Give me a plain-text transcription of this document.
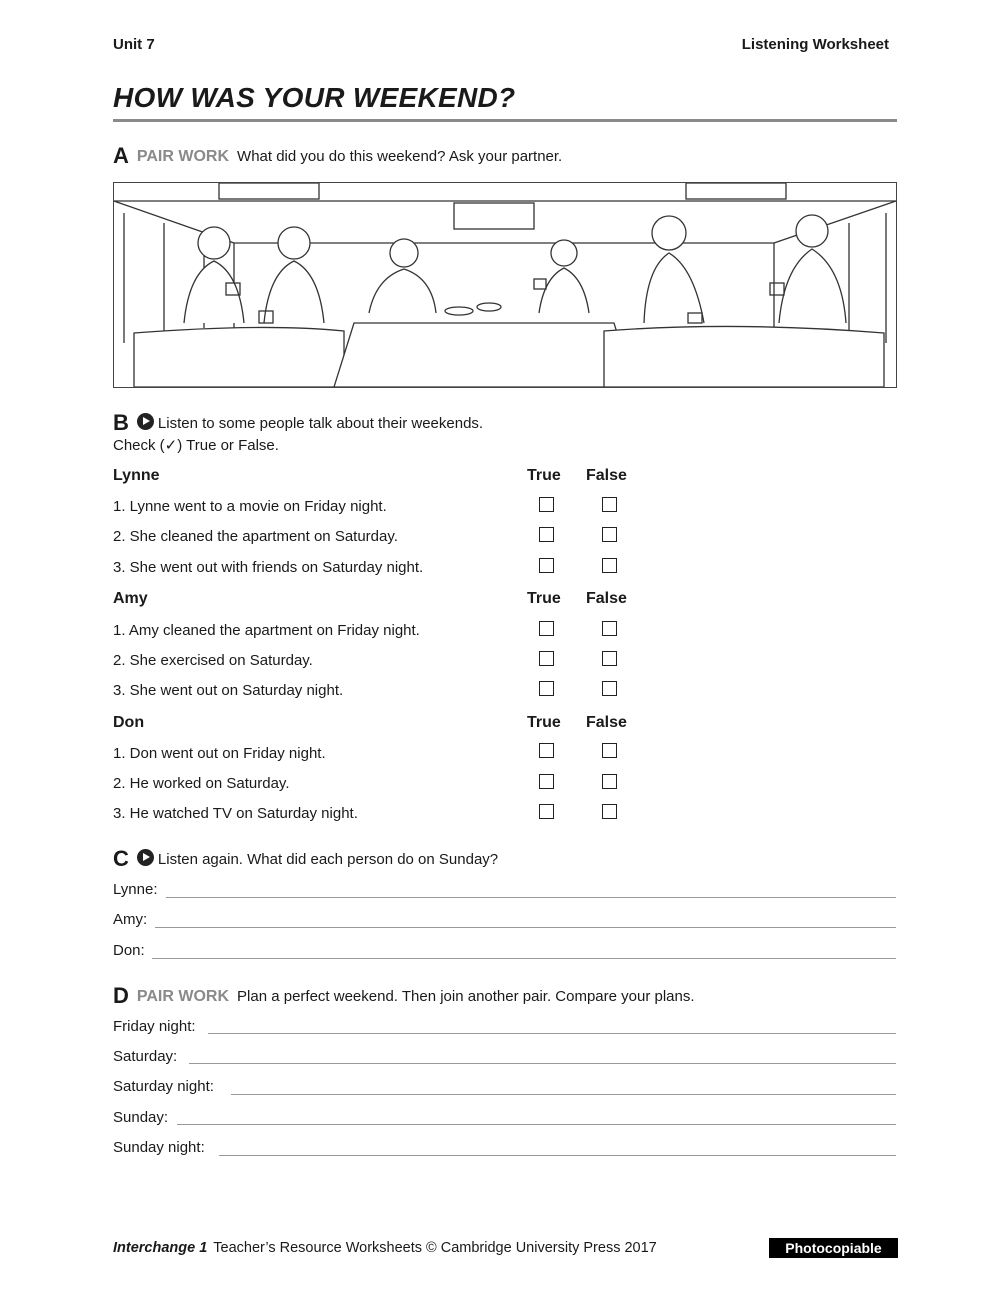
Unit 7	Listening Worksheet
HOW WAS YOUR WEEKEND?
A PAIR WORK What did you do this weekend? Ask your partner.
B Listen to some people talk about their weekends.
Check (✓) True or False.
Lynne	True False
1. Lynne went to a movie on Friday night.
2. She cleaned the apartment on Saturday.
3. She went out with friends on Saturday night.
Amy	True False
1. Amy cleaned the apartment on Friday night.
2. She exercised on Saturday.
3. She went out on Saturday night.
Don	True False
1. Don went out on Friday night.
2. He worked on Saturday.
3. He watched TV on Saturday night.
C Listen again. What did each person do on Sunday?
Lynne:
Amy:
Don:
D PAIR WORK Plan a perfect weekend. Then join another pair. Compare your plans.
Friday night:
Saturday:
Saturday night:
Sunday:
Sunday night:
Interchange 1 Teacher’s Resource Worksheets © Cambridge University Press 2017	Photocopiable
